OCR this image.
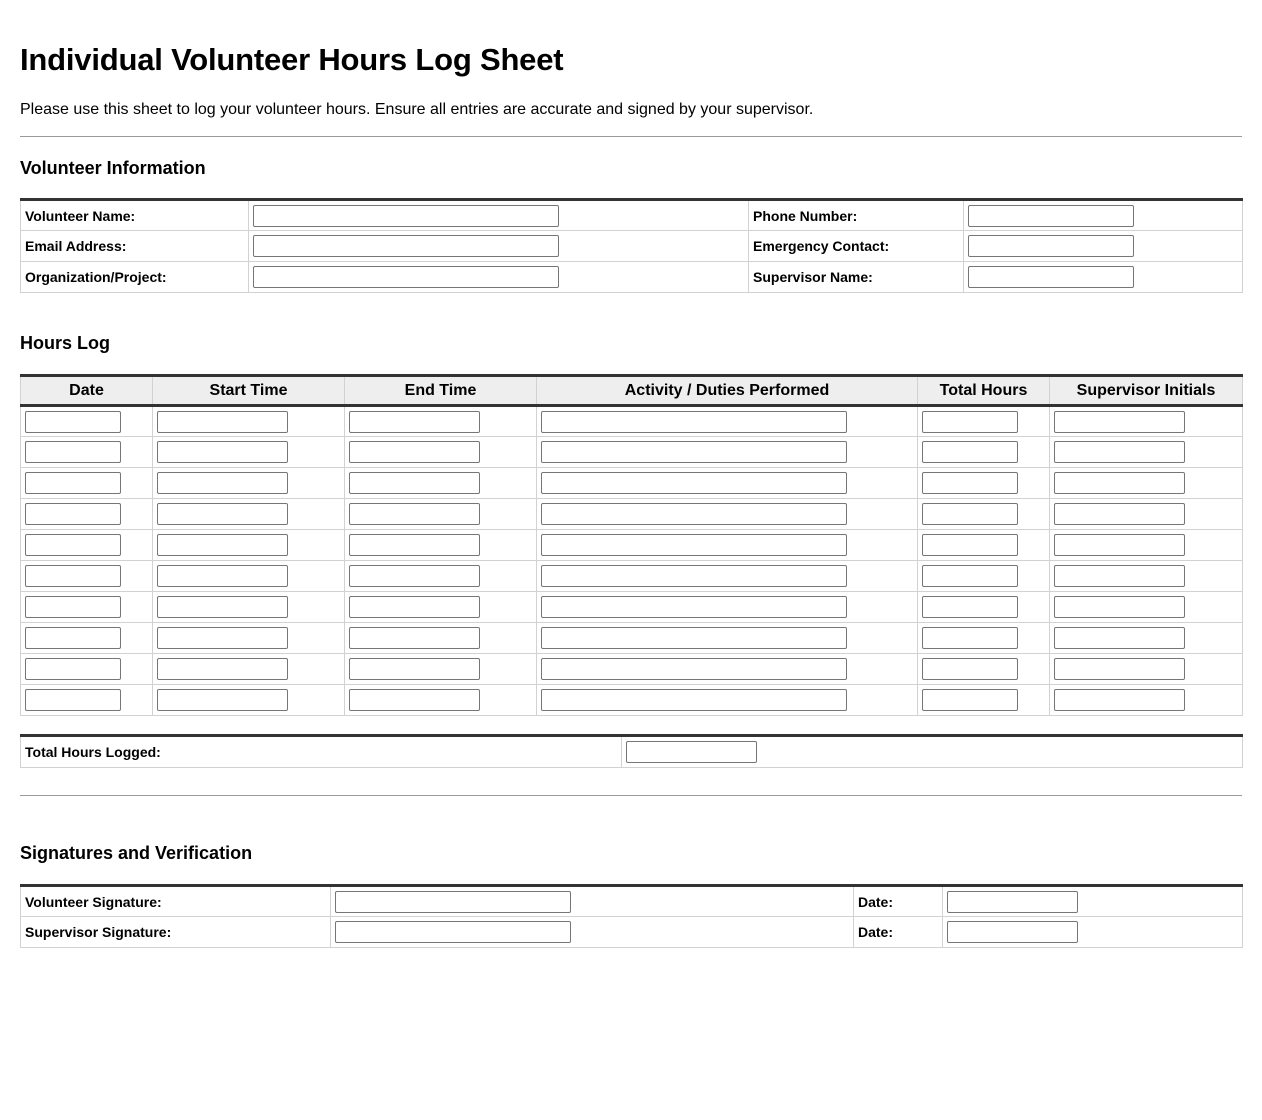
Individual Volunteer Hours Log Sheet
Please use this sheet to log your volunteer hours. Ensure all entries are accurate and signed by your supervisor.
Volunteer Information
Volunteer Name:		Phone Number:	

Email Address:		Emergency Contact:	

Organization/Project:		Supervisor Name:	
Hours Log
Date	Start Time	End Time	Activity / Duties Performed	Total Hours	Supervisor Initials

Total Hours Logged:	
Signatures and Verification
Volunteer Signature:		Date:	

Supervisor Signature:		Date:	
